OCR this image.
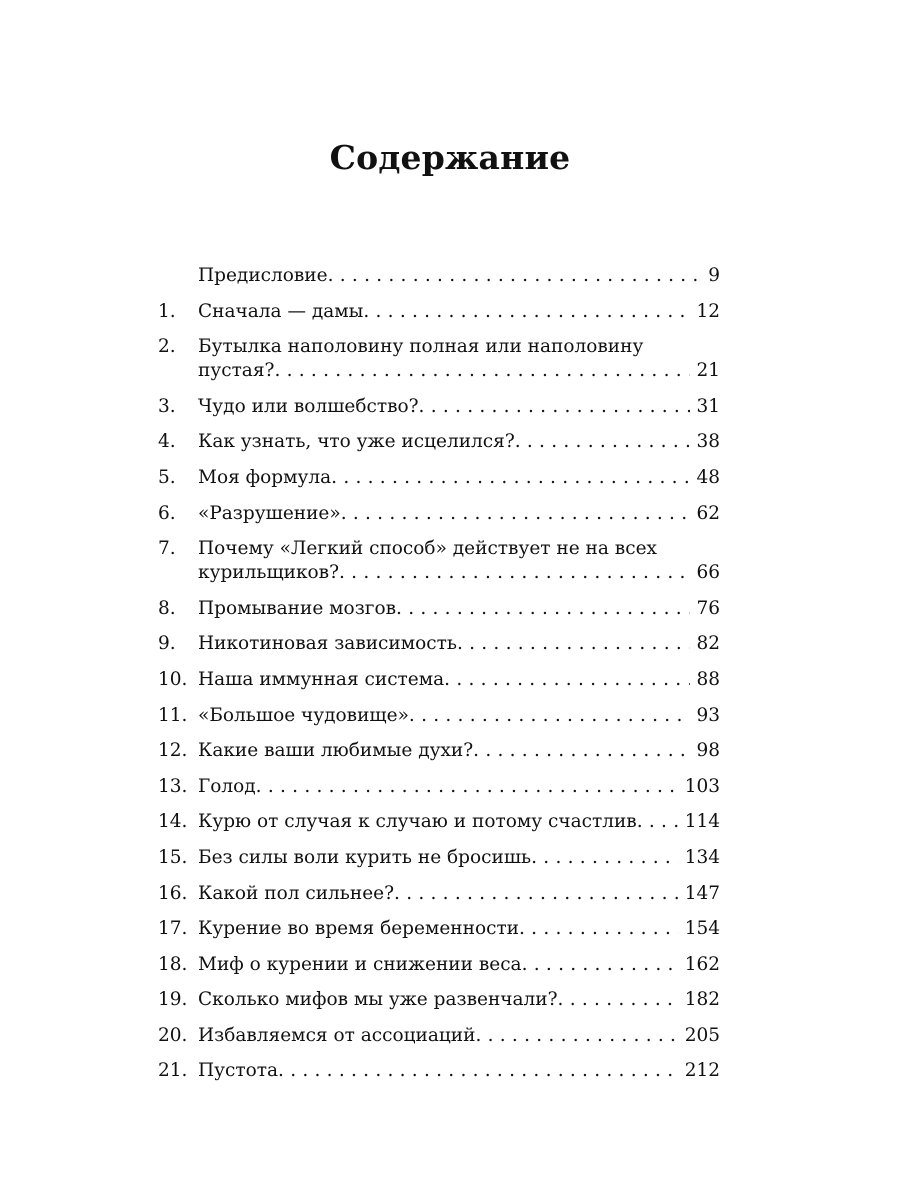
Содержание
Предисловие . . .	9
1.	Сначала — дамы . . .	12
2.	Бутылка наполовину полная или наполовину
пустая? . . .	21
3.	Чудо или волшебство? . . .	31
4.	Как узнать, что уже исцелился? . . .	38
5.	Моя формула . . .	48
6.	«Разрушение» . . .	62
7.	Почему «Легкий способ» действует не на всех
курильщиков? . . .	66
8.	Промывание мозгов . . .	76
9.	Никотиновая зависимость . . .	82
10. Наша иммунная система . . .	88
11. «Большое чудовище» . . .	93
12. Какие ваши любимые духи? . . .	98
13. Голод . . .	103
14. Курю от случая к случаю и потому счастлив . . .	114
15. Без силы воли курить не бросишь . . .	134
16. Какой пол сильнее? . . .	147
17. Курение во время беременности . . .	154
18. Миф о курении и снижении веса . . .	162
19. Сколько мифов мы уже развенчали? . . .	182
20. Избавляемся от ассоциаций . . .	205
21. Пустота . . .	212
